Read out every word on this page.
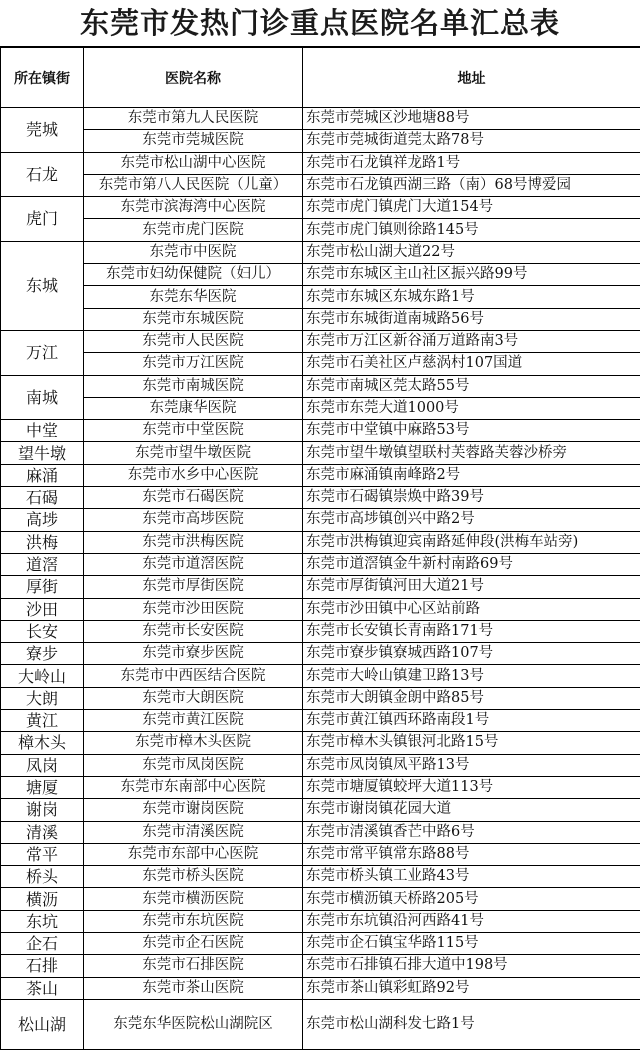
东莞市发热门诊重点医院名单汇总表
所在镇街	医院名称	地址
莞城	东莞市第九人民医院	东莞市莞城区沙地塘88号
	东莞市莞城医院	东莞市莞城街道莞太路78号
石龙	东莞市松山湖中心医院	东莞市石龙镇祥龙路1号
	东莞市第八人民医院（儿童）	东莞市石龙镇西湖三路（南）68号博爱园
虎门	东莞市滨海湾中心医院	东莞市虎门镇虎门大道154号
	东莞市虎门医院	东莞市虎门镇则徐路145号
东城	东莞市中医院	东莞市松山湖大道22号
	东莞市妇幼保健院（妇儿）	东莞市东城区主山社区振兴路99号
	东莞东华医院	东莞市东城区东城东路1号
	东莞市东城医院	东莞市东城街道南城路56号
万江	东莞市人民医院	东莞市万江区新谷涌万道路南3号
	东莞市万江医院	东莞市石美社区卢慈涡村107国道
南城	东莞市南城医院	东莞市南城区莞太路55号
	东莞康华医院	东莞市东莞大道1000号
中堂	东莞市中堂医院	东莞市中堂镇中麻路53号
望牛墩	东莞市望牛墩医院	东莞市望牛墩镇望联村芙蓉路芙蓉沙桥旁
麻涌	东莞市水乡中心医院	东莞市麻涌镇南峰路2号
石碣	东莞市石碣医院	东莞市石碣镇崇焕中路39号
高埗	东莞市高埗医院	东莞市高埗镇创兴中路2号
洪梅	东莞市洪梅医院	东莞市洪梅镇迎宾南路延伸段(洪梅车站旁)
道滘	东莞市道滘医院	东莞市道滘镇金牛新村南路69号
厚街	东莞市厚街医院	东莞市厚街镇河田大道21号
沙田	东莞市沙田医院	东莞市沙田镇中心区站前路
长安	东莞市长安医院	东莞市长安镇长青南路171号
寮步	东莞市寮步医院	东莞市寮步镇寮城西路107号
大岭山	东莞市中西医结合医院	东莞市大岭山镇建卫路13号
大朗	东莞市大朗医院	东莞市大朗镇金朗中路85号
黄江	东莞市黄江医院	东莞市黄江镇西环路南段1号
樟木头	东莞市樟木头医院	东莞市樟木头镇银河北路15号
凤岗	东莞市凤岗医院	东莞市凤岗镇凤平路13号
塘厦	东莞市东南部中心医院	东莞市塘厦镇蛟坪大道113号
谢岗	东莞市谢岗医院	东莞市谢岗镇花园大道
清溪	东莞市清溪医院	东莞市清溪镇香芒中路6号
常平	东莞市东部中心医院	东莞市常平镇常东路88号
桥头	东莞市桥头医院	东莞市桥头镇工业路43号
横沥	东莞市横沥医院	东莞市横沥镇天桥路205号
东坑	东莞市东坑医院	东莞市东坑镇沿河西路41号
企石	东莞市企石医院	东莞市企石镇宝华路115号
石排	东莞市石排医院	东莞市石排镇石排大道中198号
茶山	东莞市茶山医院	东莞市茶山镇彩虹路92号
松山湖	东莞东华医院松山湖院区	东莞市松山湖科发七路1号
